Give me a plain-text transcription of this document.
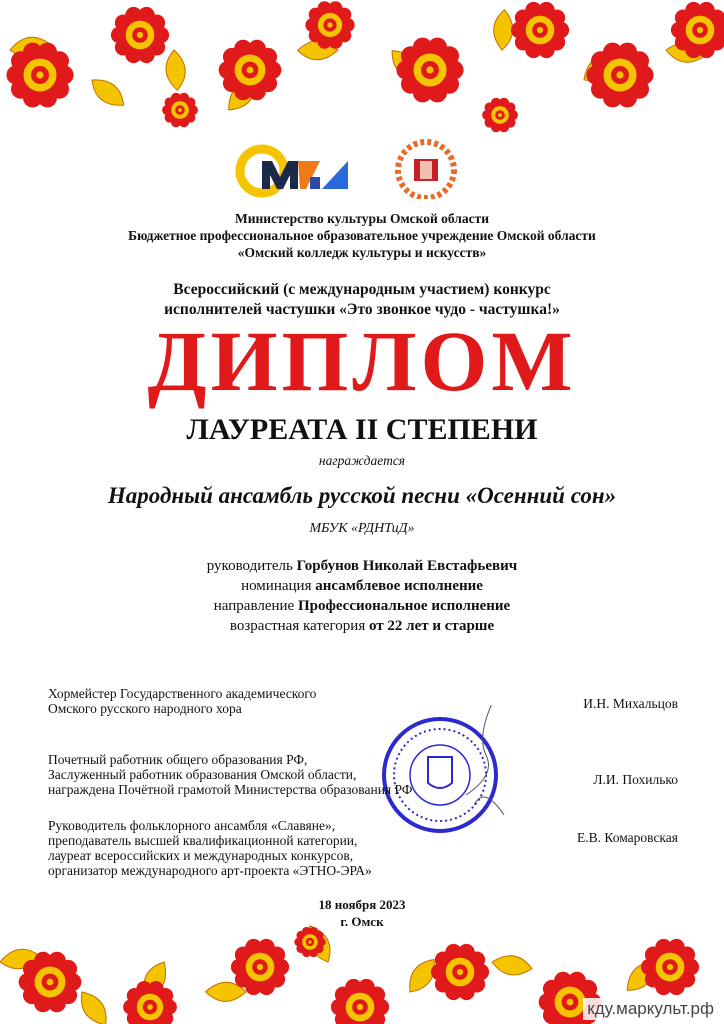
Министерство культуры Омской области
Бюджетное профессиональное образовательное учреждение Омской области
«Омский колледж культуры и искусств»
Всероссийский (с международным участием) конкурс
исполнителей частушки «Это звонкое чудо - частушка!»
ДИПЛОМ
ЛАУРЕАТА II СТЕПЕНИ
награждается
Народный ансамбль русской песни «Осенний сон»
МБУК «РДНТиД»
руководитель Горбунов Николай Евстафьевич
номинация ансамблевое исполнение
направление Профессиональное исполнение
возрастная категория от 22 лет и старше
Хормейстер Государственного академического
Омского русского народного хора	И.Н. Михальцов
Почетный работник общего образования РФ,
Заслуженный работник образования Омской области,
награждена Почётной грамотой Министерства образования РФ
Л.И. Похилько
Руководитель фольклорного ансамбля «Славяне»,
преподаватель высшей квалификационной категории,
лауреат всероссийских и международных конкурсов,
организатор международного арт-проекта «ЭТНО-ЭРА»
Е.В. Комаровская
18 ноября 2023
г. Омск
кду.маркульт.рф
